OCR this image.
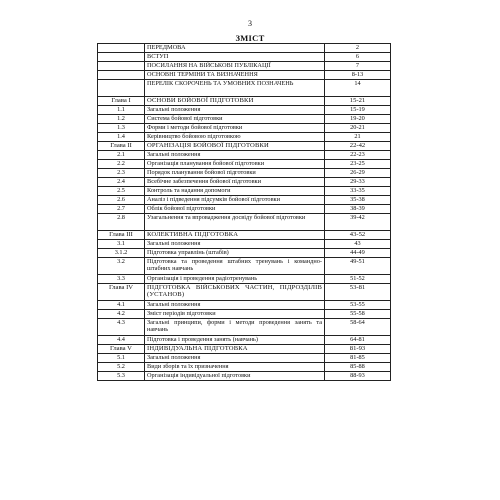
3
ЗМІСТ
	ПЕРЕДМОВА	2
	ВСТУП	6
	ПОСИЛАННЯ НА ВІЙСЬКОВІ ПУБЛІКАЦІЇ	7
	ОСНОВНІ ТЕРМІНИ ТА ВИЗНАЧЕННЯ	8-13
	ПЕРЕЛІК СКОРОЧЕНЬ ТА УМОВНИХ ПОЗНАЧЕНЬ	14
Глава I	ОСНОВИ БОЙОВОЇ ПІДГОТОВКИ	15-21
1.1	Загальні положення	15-19
1.2	Система бойової підготовки	19-20
1.3	Форми і методи бойової підготовки	20-21
1.4	Керівництво бойовою підготовкою	21
Глава II	ОРГАНІЗАЦІЯ БОЙОВОЇ ПІДГОТОВКИ	22-42
2.1	Загальні положення	22-23
2.2	Організація планування бойової підготовки	23-25
2.3	Порядок планування бойової підготовки	26-29
2.4	Всебічне забезпечення бойової підготовки	29-33
2.5	Контроль та надання допомоги	33-35
2.6	Аналіз і підведення підсумків бойової підготовки	35-38
2.7	Облік бойової підготовки	38-39
2.8	Узагальнення та впровадження досвіду бойової підготовки	39-42
Глава III	КОЛЕКТИВНА ПІДГОТОВКА	43-52
3.1	Загальні положення	43
3.1.2	Підготовка управлінь (штабів)	44-49
3.2	Підготовка та проведення штабних тренувань і командно-штабних навчань	49-51
3.3	Організація і проведення радіотренувань	51-52
Глава IV	ПІДГОТОВКА ВІЙСЬКОВИХ ЧАСТИН, ПІДРОЗДІЛІВ (УСТАНОВ)	53-81
4.1	Загальні положення	53-55
4.2	Зміст періодів підготовки	55-58
4.3	Загальні принципи, форми і методи проведення занять та навчань	58-64
4.4	Підготовка і проведення занять (навчань)	64-81
Глава V	ІНДИВІДУАЛЬНА ПІДГОТОВКА	81-93
5.1	Загальні положення	81-85
5.2	Види зборів та їх призначення	85-88
5.3	Організація індивідуальної підготовки	88-93
